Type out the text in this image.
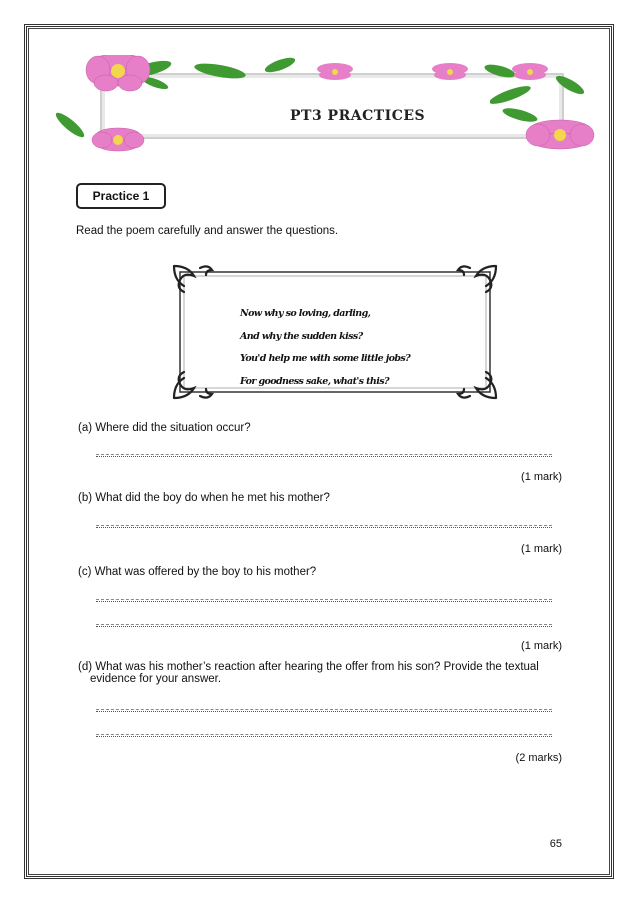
PT3 PRACTICES
Practice 1
Read the poem carefully and answer the questions.
Now why so loving, darling,
And why the sudden kiss?
You'd help me with some little jobs?
For goodness sake, what's this?
(a) Where did the situation occur?
(1 mark)
(b) What did the boy do when he met his mother?
(1 mark)
(c) What was offered by the boy to his mother?
(1 mark)
(d) What was his mother’s reaction after hearing the offer from his son? Provide the textual
evidence for your answer.
(2 marks)
65
